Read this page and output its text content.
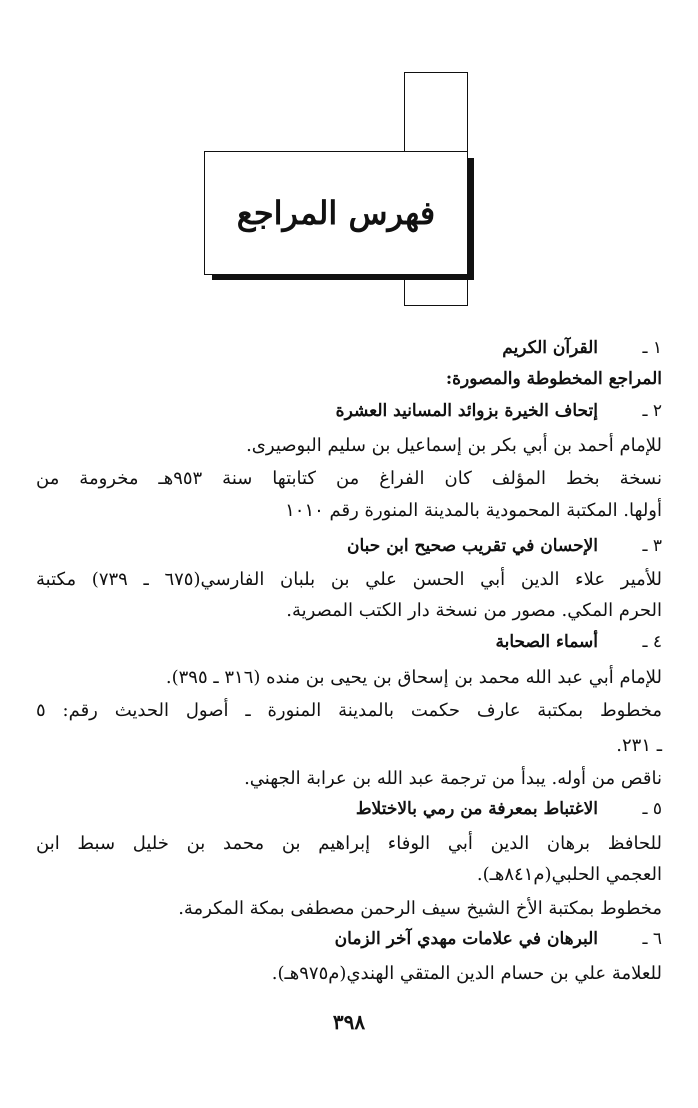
فهرس المراجع
١ ـالقرآن الكريم
المراجع المخطوطة والمصورة:
٢ ـإتحاف الخيرة بزوائد المسانيد العشرة
للإمام أحمد بن أبي بكر بن إسماعيل بن سليم البوصيرى.
نسخة بخط المؤلف كان الفراغ من كتابتها سنة ٩٥٣هـ مخرومة من
أولها. المكتبة المحمودية بالمدينة المنورة رقم ١٠١٠
٣ ـالإحسان في تقريب صحيح ابن حبان
للأمير علاء الدين أبي الحسن علي بن بلبان الفارسي(٦٧٥ ـ ٧٣٩) مكتبة
الحرم المكي. مصور من نسخة دار الكتب المصرية.
٤ ـأسماء الصحابة
للإمام أبي عبد الله محمد بن إسحاق بن يحيى بن منده (٣١٦ ـ ٣٩٥).
مخطوط بمكتبة عارف حكمت بالمدينة المنورة ـ أصول الحديث رقم: ٥
ـ ٢٣١.
ناقص من أوله. يبدأ من ترجمة عبد الله بن عرابة الجهني.
٥ ـالاغتباط بمعرفة من رمي بالاختلاط
للحافظ برهان الدين أبي الوفاء إبراهيم بن محمد بن خليل سبط ابن
العجمي الحلبي(م٨٤١هـ).
مخطوط بمكتبة الأخ الشيخ سيف الرحمن مصطفى بمكة المكرمة.
٦ ـالبرهان في علامات مهدي آخر الزمان
للعلامة علي بن حسام الدين المتقي الهندي(م٩٧٥هـ).
٣٩٨
